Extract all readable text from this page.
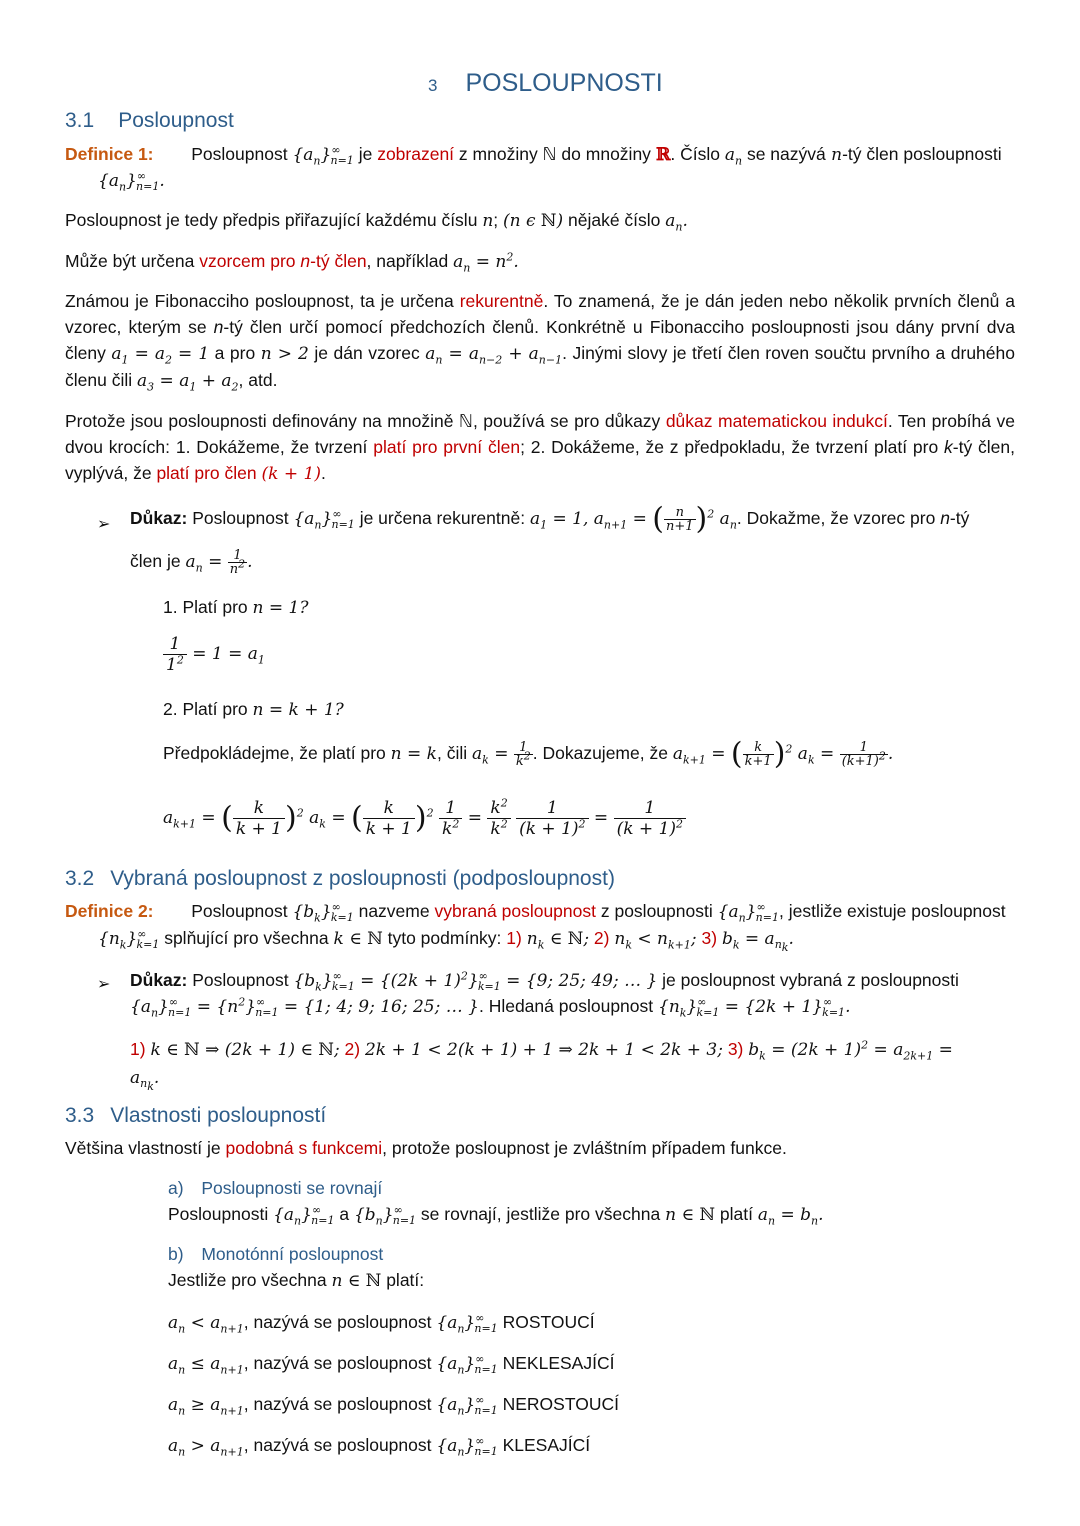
3 POSLOUPNOSTI
3.1 Posloupnost
Definice 1: Posloupnost $\{a_n\}^\infty_{n=1}$ je zobrazení z množiny ℕ do množiny ℝ. Číslo $a_n$ se nazývá n-tý člen posloupnosti
$\{a_n\}^\infty_{n=1}$.
Posloupnost je tedy předpis přiřazující každému číslu n; (n ϵ ℕ) nějaké číslo $a_n$.
Může být určena vzorcem pro n-tý člen, například $a_n = n^2$.
Známou je Fibonacciho posloupnost, ta je určena rekurentně. To znamená, že je dán jeden nebo několik prvních členů a vzorec, kterým se n-tý člen určí pomocí předchozích členů. Konkrétně u Fibonacciho posloupnosti jsou dány první dva členy $a_1 = a_2 = 1$ a pro n > 2 je dán vzorec $a_n = a_{n-2} + a_{n-1}$. Jinými slovy je třetí člen roven součtu prvního a druhého členu čili $a_3 = a_1 + a_2$, atd.
Protože jsou posloupnosti definovány na množině ℕ, používá se pro důkazy důkaz matematickou indukcí. Ten probíhá ve dvou krocích: 1. Dokážeme, že tvrzení platí pro první člen; 2. Dokážeme, že z předpokladu, že tvrzení platí pro k-tý člen, vyplývá, že platí pro člen (k + 1).
➢ Důkaz: Posloupnost $\{a_n\}^\infty_{n=1}$ je určena rekurentně: $a_1 = 1$, $a_{n+1}$ = ( $\frac{n}{n+1} )^2$ $a_n$. Dokažme, že vzorec pro n-tý
člen je $a_n = \frac{1}{n^2}$ .
1. Platí pro n = 1?
$\frac{1}{1^2} = 1 = a_1$
2. Platí pro n = k + 1?
Předpokládejme, že platí pro n = k, čili $a_k = \frac{1}{k^2}$ . Dokazujeme, že $a_{k+1}$ = ( $\frac{k}{k+1} )^2$ $a_k = \frac{1}{(k+1)^2}$ .
$a_{k+1}$ = ( $\frac{k}{k + 1} )^2$ $a_k$ = ( $\frac{k}{k + 1} )^2 \frac{1}{k^2} = \frac{k^2}{k^2}$
$\frac{1}{(k + 1)^2} = \frac{1}{(k + 1)^2}$
3.2 Vybraná posloupnost z posloupnosti (podposloupnost)
Definice 2: Posloupnost $\{b_k\}^\infty_{k=1}$ nazveme vybraná posloupnost z posloupnosti $\{a_n\}^\infty_{n=1}$, jestliže existuje posloupnost
$\{n_k\}^\infty_{k=1}$ splňující pro všechna k ∈ ℕ tyto podmínky: 1) $n_k$ ∈ ℕ; 2) $n_k < n_{k+1}$; 3) $b_k = a_{n_k}$.
➢ Důkaz: Posloupnost $\{b_k\}^\infty_{k=1} = \{(2k + 1)^2\}^\infty_{k=1} = \{9$; 25; 49; … } je posloupnost vybraná z posloupnosti
$\{a_n\}^\infty_{n=1} = \{n^2\}^\infty_{n=1} = \{1$; 4; 9; 16; 25; … }. Hledaná posloupnost $\{n_k\}^\infty_{k=1} = \{2k + 1\}^\infty_{k=1}$.
1) k ∈ ℕ ⇒ (2k + 1) ∈ ℕ; 2) 2k + 1 < 2(k + 1) + 1 ⇒ 2k + 1 < 2k + 3; 3) $b_k = (2k + 1)^2 = a_{2k+1}$ =
$a_{n_k}$.
3.3 Vlastnosti posloupností
Většina vlastností je podobná s funkcemi, protože posloupnost je zvláštním případem funkce.
a) Posloupnosti se rovnají
Posloupnosti $\{a_n\}^\infty_{n=1}$ a $\{b_n\}^\infty_{n=1}$ se rovnají, jestliže pro všechna n ∈ ℕ platí $a_n = b_n$.
b) Monotónní posloupnost
Jestliže pro všechna n ∈ ℕ platí:
$a_n < a_{n+1}$, nazývá se posloupnost $\{a_n\}^\infty_{n=1}$ ROSTOUCÍ
$a_n \le a_{n+1}$, nazývá se posloupnost $\{a_n\}^\infty_{n=1}$ NEKLESAJÍCÍ
$a_n \ge a_{n+1}$, nazývá se posloupnost $\{a_n\}^\infty_{n=1}$ NEROSTOUCÍ
$a_n > a_{n+1}$, nazývá se posloupnost $\{a_n\}^\infty_{n=1}$ KLESAJÍCÍ
